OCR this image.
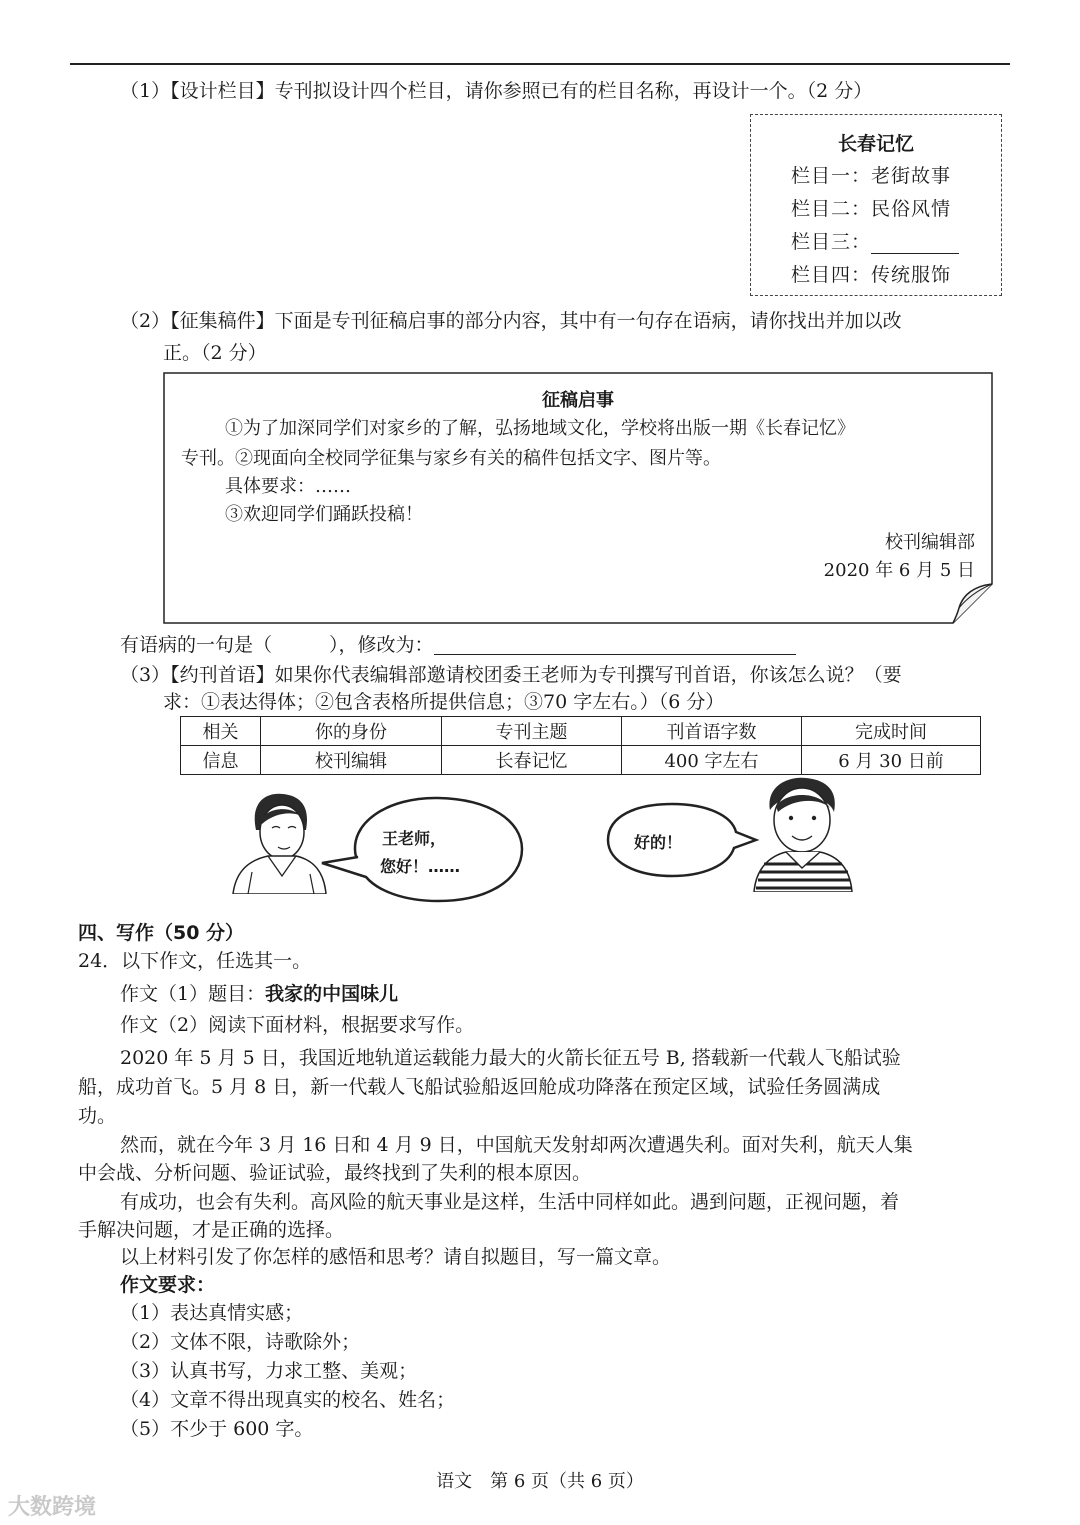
（1）【设计栏目】专刊拟设计四个栏目，请你参照已有的栏目名称，再设计一个。（2 分）
长春记忆
栏目一：老街故事
栏目二：民俗风情
栏目三：
栏目四：传统服饰
（2）【征集稿件】下面是专刊征稿启事的部分内容，其中有一句存在语病，请你找出并加以改
正。（2 分）
征稿启事
①为了加深同学们对家乡的了解，弘扬地域文化，学校将出版一期《长春记忆》
专刊。②现面向全校同学征集与家乡有关的稿件包括文字、图片等。
具体要求：……
③欢迎同学们踊跃投稿！
校刊编辑部
2020 年 6 月 5 日
有语病的一句是（　　　），修改为：
（3）【约刊首语】如果你代表编辑部邀请校团委王老师为专刊撰写刊首语，你该怎么说？（要
求：①表达得体；②包含表格所提供信息；③70 字左右。）（6 分）
相关	你的身份	专刊主题	刊首语字数	完成时间
信息	校刊编辑	长春记忆	400 字左右	6 月 30 日前
王老师，
您好！……
好的！
四、写作（50 分）
24．以下作文，任选其一。
作文（1）题目：我家的中国味儿
作文（2）阅读下面材料，根据要求写作。
2020 年 5 月 5 日，我国近地轨道运载能力最大的火箭长征五号 B, 搭载新一代载人飞船试验
船，成功首飞。5 月 8 日，新一代载人飞船试验船返回舱成功降落在预定区域，试验任务圆满成
功。
然而，就在今年 3 月 16 日和 4 月 9 日，中国航天发射却两次遭遇失利。面对失利，航天人集
中会战、分析问题、验证试验，最终找到了失利的根本原因。
有成功，也会有失利。高风险的航天事业是这样，生活中同样如此。遇到问题，正视问题，着
手解决问题，才是正确的选择。
以上材料引发了你怎样的感悟和思考？请自拟题目，写一篇文章。
作文要求：
（1）表达真情实感；
（2）文体不限，诗歌除外；
（3）认真书写，力求工整、美观；
（4）文章不得出现真实的校名、姓名；
（5）不少于 600 字。
语文　第 6 页（共 6 页）
大数跨境
